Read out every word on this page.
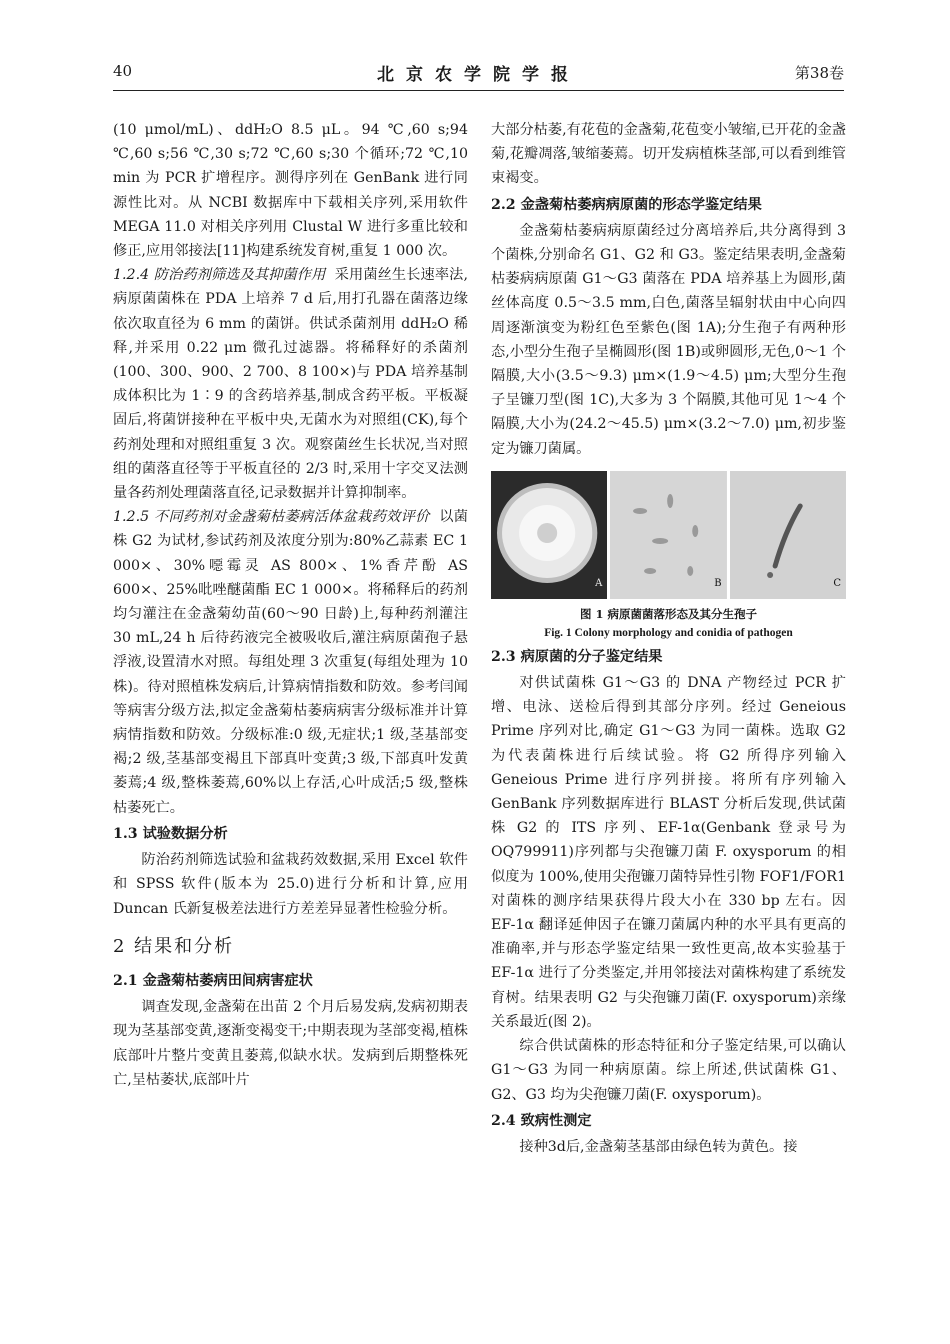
40	北京农学院学报	第38卷

(10 μmol/mL)、ddH₂O 8.5 μL。94 ℃,60 s;94 ℃,60 s;56 ℃,30 s;72 ℃,60 s;30 个循环;72 ℃,10 min 为 PCR 扩增程序。测得序列在 GenBank 进行同源性比对。从 NCBI 数据库中下载相关序列,采用软件 MEGA 11.0 对相关序列用 Clustal W 进行多重比较和修正,应用邻接法[11]构建系统发育树,重复 1 000 次。

1.2.4 防治药剂筛选及其抑菌作用 采用菌丝生长速率法,病原菌菌株在 PDA 上培养 7 d 后,用打孔器在菌落边缘依次取直径为 6 mm 的菌饼。供试杀菌剂用 ddH₂O 稀释,并采用 0.22 μm 微孔过滤器。将稀释好的杀菌剂(100、300、900、2 700、8 100×)与 PDA 培养基制成体积比为 1∶9 的含药培养基,制成含药平板。平板凝固后,将菌饼接种在平板中央,无菌水为对照组(CK),每个药剂处理和对照组重复 3 次。观察菌丝生长状况,当对照组的菌落直径等于平板直径的 2/3 时,采用十字交叉法测量各药剂处理菌落直径,记录数据并计算抑制率。

1.2.5 不同药剂对金盏菊枯萎病活体盆栽药效评价 以菌株 G2 为试材,参试药剂及浓度分别为:80%乙蒜素 EC 1 000×、30%噁霉灵 AS 800×、1%香芹酚 AS 600×、25%吡唑醚菌酯 EC 1 000×。将稀释后的药剂均匀灌注在金盏菊幼苗(60～90 日龄)上,每种药剂灌注 30 mL,24 h 后待药液完全被吸收后,灌注病原菌孢子悬浮液,设置清水对照。每组处理 3 次重复(每组处理为 10 株)。待对照植株发病后,计算病情指数和防效。参考闫闻等病害分级方法,拟定金盏菊枯萎病病害分级标准并计算病情指数和防效。分级标准:0 级,无症状;1 级,茎基部变褐;2 级,茎基部变褐且下部真叶变黄;3 级,下部真叶发黄萎蔫;4 级,整株萎蔫,60%以上存活,心叶成活;5 级,整株枯萎死亡。

1.3 试验数据分析

防治药剂筛选试验和盆栽药效数据,采用 Excel 软件和 SPSS 软件(版本为 25.0)进行分析和计算,应用 Duncan 氏新复极差法进行方差差异显著性检验分析。

2 结果和分析

2.1 金盏菊枯萎病田间病害症状

调查发现,金盏菊在出苗 2 个月后易发病,发病初期表现为茎基部变黄,逐渐变褐变干;中期表现为茎部变褐,植株底部叶片整片变黄且萎蔫,似缺水状。发病到后期整株死亡,呈枯萎状,底部叶片

大部分枯萎,有花苞的金盏菊,花苞变小皱缩,已开花的金盏菊,花瓣凋落,皱缩萎蔫。切开发病植株茎部,可以看到维管束褐变。

2.2 金盏菊枯萎病病原菌的形态学鉴定结果

金盏菊枯萎病病原菌经过分离培养后,共分离得到 3 个菌株,分别命名 G1、G2 和 G3。鉴定结果表明,金盏菊枯萎病病原菌 G1～G3 菌落在 PDA 培养基上为圆形,菌丝体高度 0.5～3.5 mm,白色,菌落呈辐射状由中心向四周逐渐演变为粉红色至紫色(图 1A);分生孢子有两种形态,小型分生孢子呈椭圆形(图 1B)或卵圆形,无色,0～1 个隔膜,大小(3.5～9.3) μm×(1.9～4.5) μm;大型分生孢子呈镰刀型(图 1C),大多为 3 个隔膜,其他可见 1～4 个隔膜,大小为(24.2～45.5) μm×(3.2～7.0) μm,初步鉴定为镰刀菌属。

A	B	C

图 1 病原菌菌落形态及其分生孢子

Fig. 1 Colony morphology and conidia of pathogen

2.3 病原菌的分子鉴定结果

对供试菌株 G1～G3 的 DNA 产物经过 PCR 扩增、电泳、送检后得到其部分序列。经过 Geneious Prime 序列对比,确定 G1～G3 为同一菌株。选取 G2 为代表菌株进行后续试验。将 G2 所得序列输入 Geneious Prime 进行序列拼接。将所有序列输入 GenBank 序列数据库进行 BLAST 分析后发现,供试菌株 G2 的 ITS 序列、EF-1α(Genbank 登录号为 OQ799911)序列都与尖孢镰刀菌 F. oxysporum 的相似度为 100%,使用尖孢镰刀菌特异性引物 FOF1/FOR1 对菌株的测序结果获得片段大小在 330 bp 左右。因 EF-1α 翻译延伸因子在镰刀菌属内种的水平具有更高的准确率,并与形态学鉴定结果一致性更高,故本实验基于 EF-1α 进行了分类鉴定,并用邻接法对菌株构建了系统发育树。结果表明 G2 与尖孢镰刀菌(F. oxysporum)亲缘关系最近(图 2)。

综合供试菌株的形态特征和分子鉴定结果,可以确认 G1～G3 为同一种病原菌。综上所述,供试菌株 G1、G2、G3 均为尖孢镰刀菌(F. oxysporum)。

2.4 致病性测定

接种3d后,金盏菊茎基部由绿色转为黄色。接
